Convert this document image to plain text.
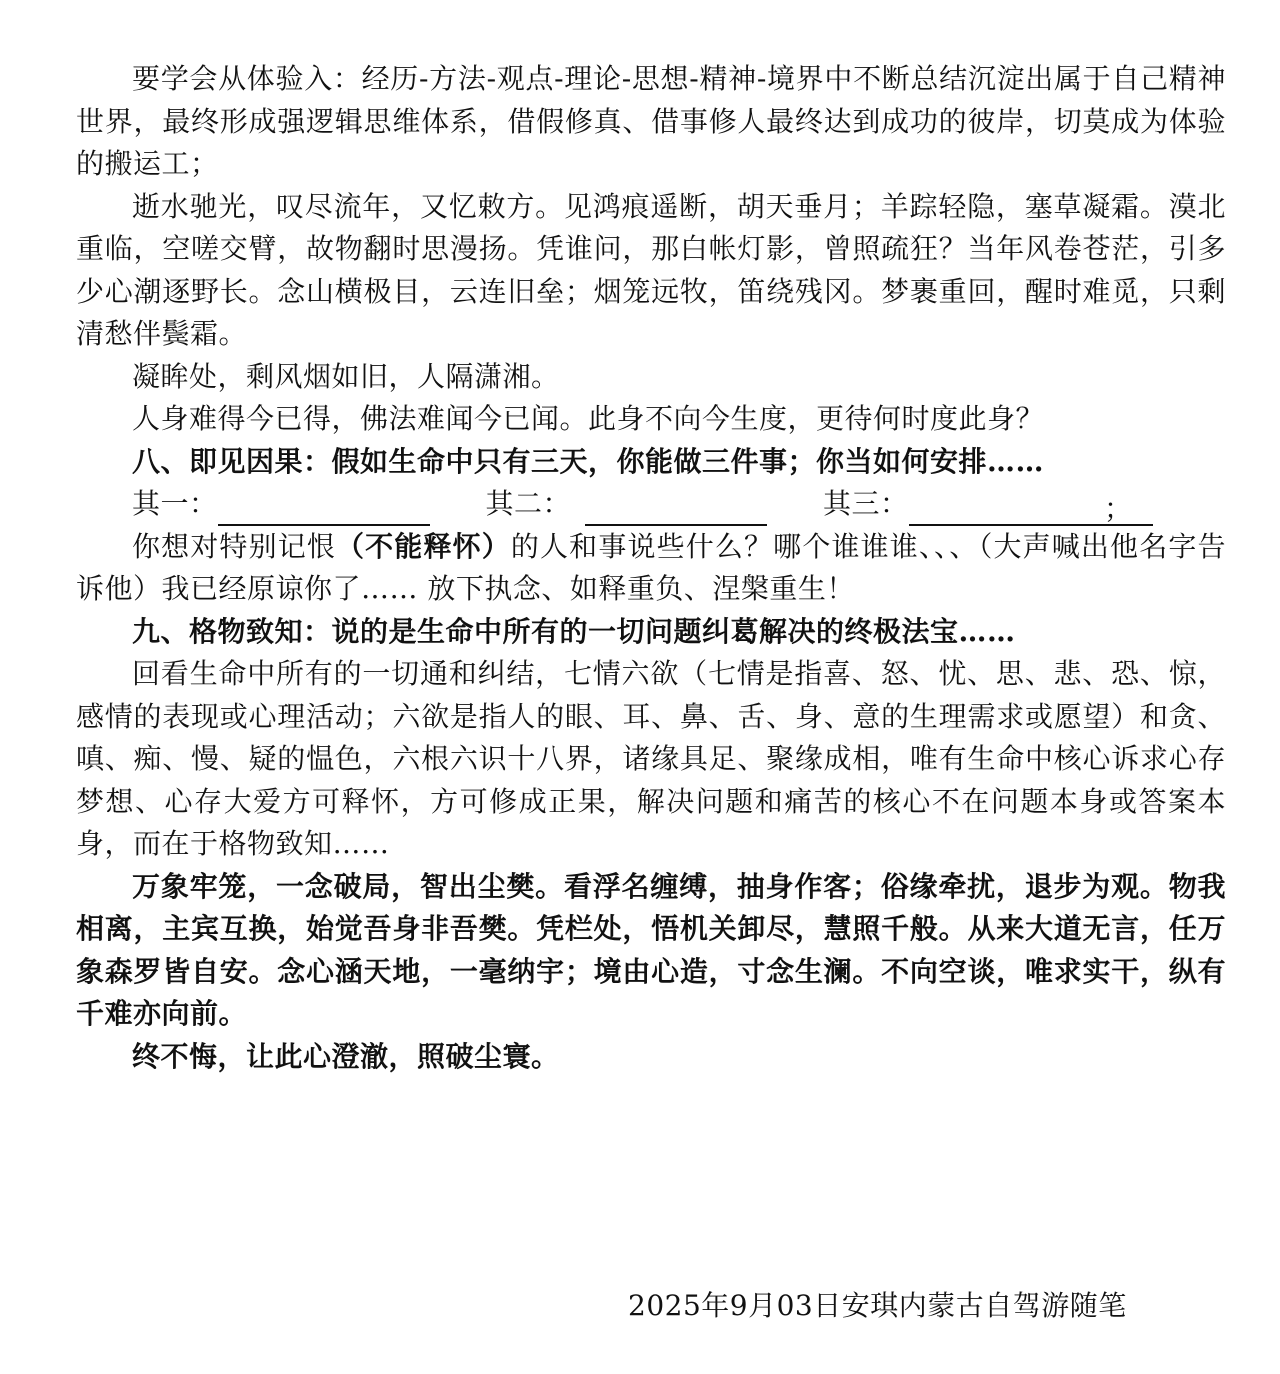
要学会从体验入：经历-方法-观点-理论-思想-精神-境界中不断总结沉淀出属于自己精神世界，最终形成强逻辑思维体系，借假修真、借事修人最终达到成功的彼岸，切莫成为体验的搬运工；

逝水驰光，叹尽流年，又忆敕方。见鸿痕遥断，胡天垂月；羊踪轻隐，塞草凝霜。漠北重临，空嗟交臂，故物翻时思漫扬。凭谁问，那白帐灯影，曾照疏狂？当年风卷苍茫，引多少心潮逐野长。念山横极目，云连旧垒；烟笼远牧，笛绕残冈。梦裹重回，醒时难觅，只剩清愁伴鬓霜。

凝眸处，剩风烟如旧，人隔潇湘。

人身难得今已得，佛法难闻今已闻。此身不向今生度，更待何时度此身？

八、即见因果：假如生命中只有三天，你能做三件事；你当如何安排……

其一：	其二：	其三：	；

你想对特别记恨（不能释怀）的人和事说些什么？哪个谁谁谁、、、（大声喊出他名字告诉他）我已经原谅你了…… 放下执念、如释重负、涅槃重生！

九、格物致知：说的是生命中所有的一切问题纠葛解决的终极法宝……

回看生命中所有的一切通和纠结，七情六欲（七情是指喜、怒、忧、思、悲、恐、惊，感情的表现或心理活动；六欲是指人的眼、耳、鼻、舌、身、意的生理需求或愿望）和贪、嗔、痴、慢、疑的愠色，六根六识十八界，诸缘具足、聚缘成相，唯有生命中核心诉求心存梦想、心存大爱方可释怀，方可修成正果，解决问题和痛苦的核心不在问题本身或答案本身，而在于格物致知……

万象牢笼，一念破局，智出尘樊。看浮名缠缚，抽身作客；俗缘牵扰，退步为观。物我相离，主宾互换，始觉吾身非吾樊。凭栏处，悟机关卸尽，慧照千般。从来大道无言，任万象森罗皆自安。念心涵天地，一毫纳宇；境由心造，寸念生澜。不向空谈，唯求实干，纵有千难亦向前。

终不悔，让此心澄澈，照破尘寰。

2025年9月03日安琪内蒙古自驾游随笔
